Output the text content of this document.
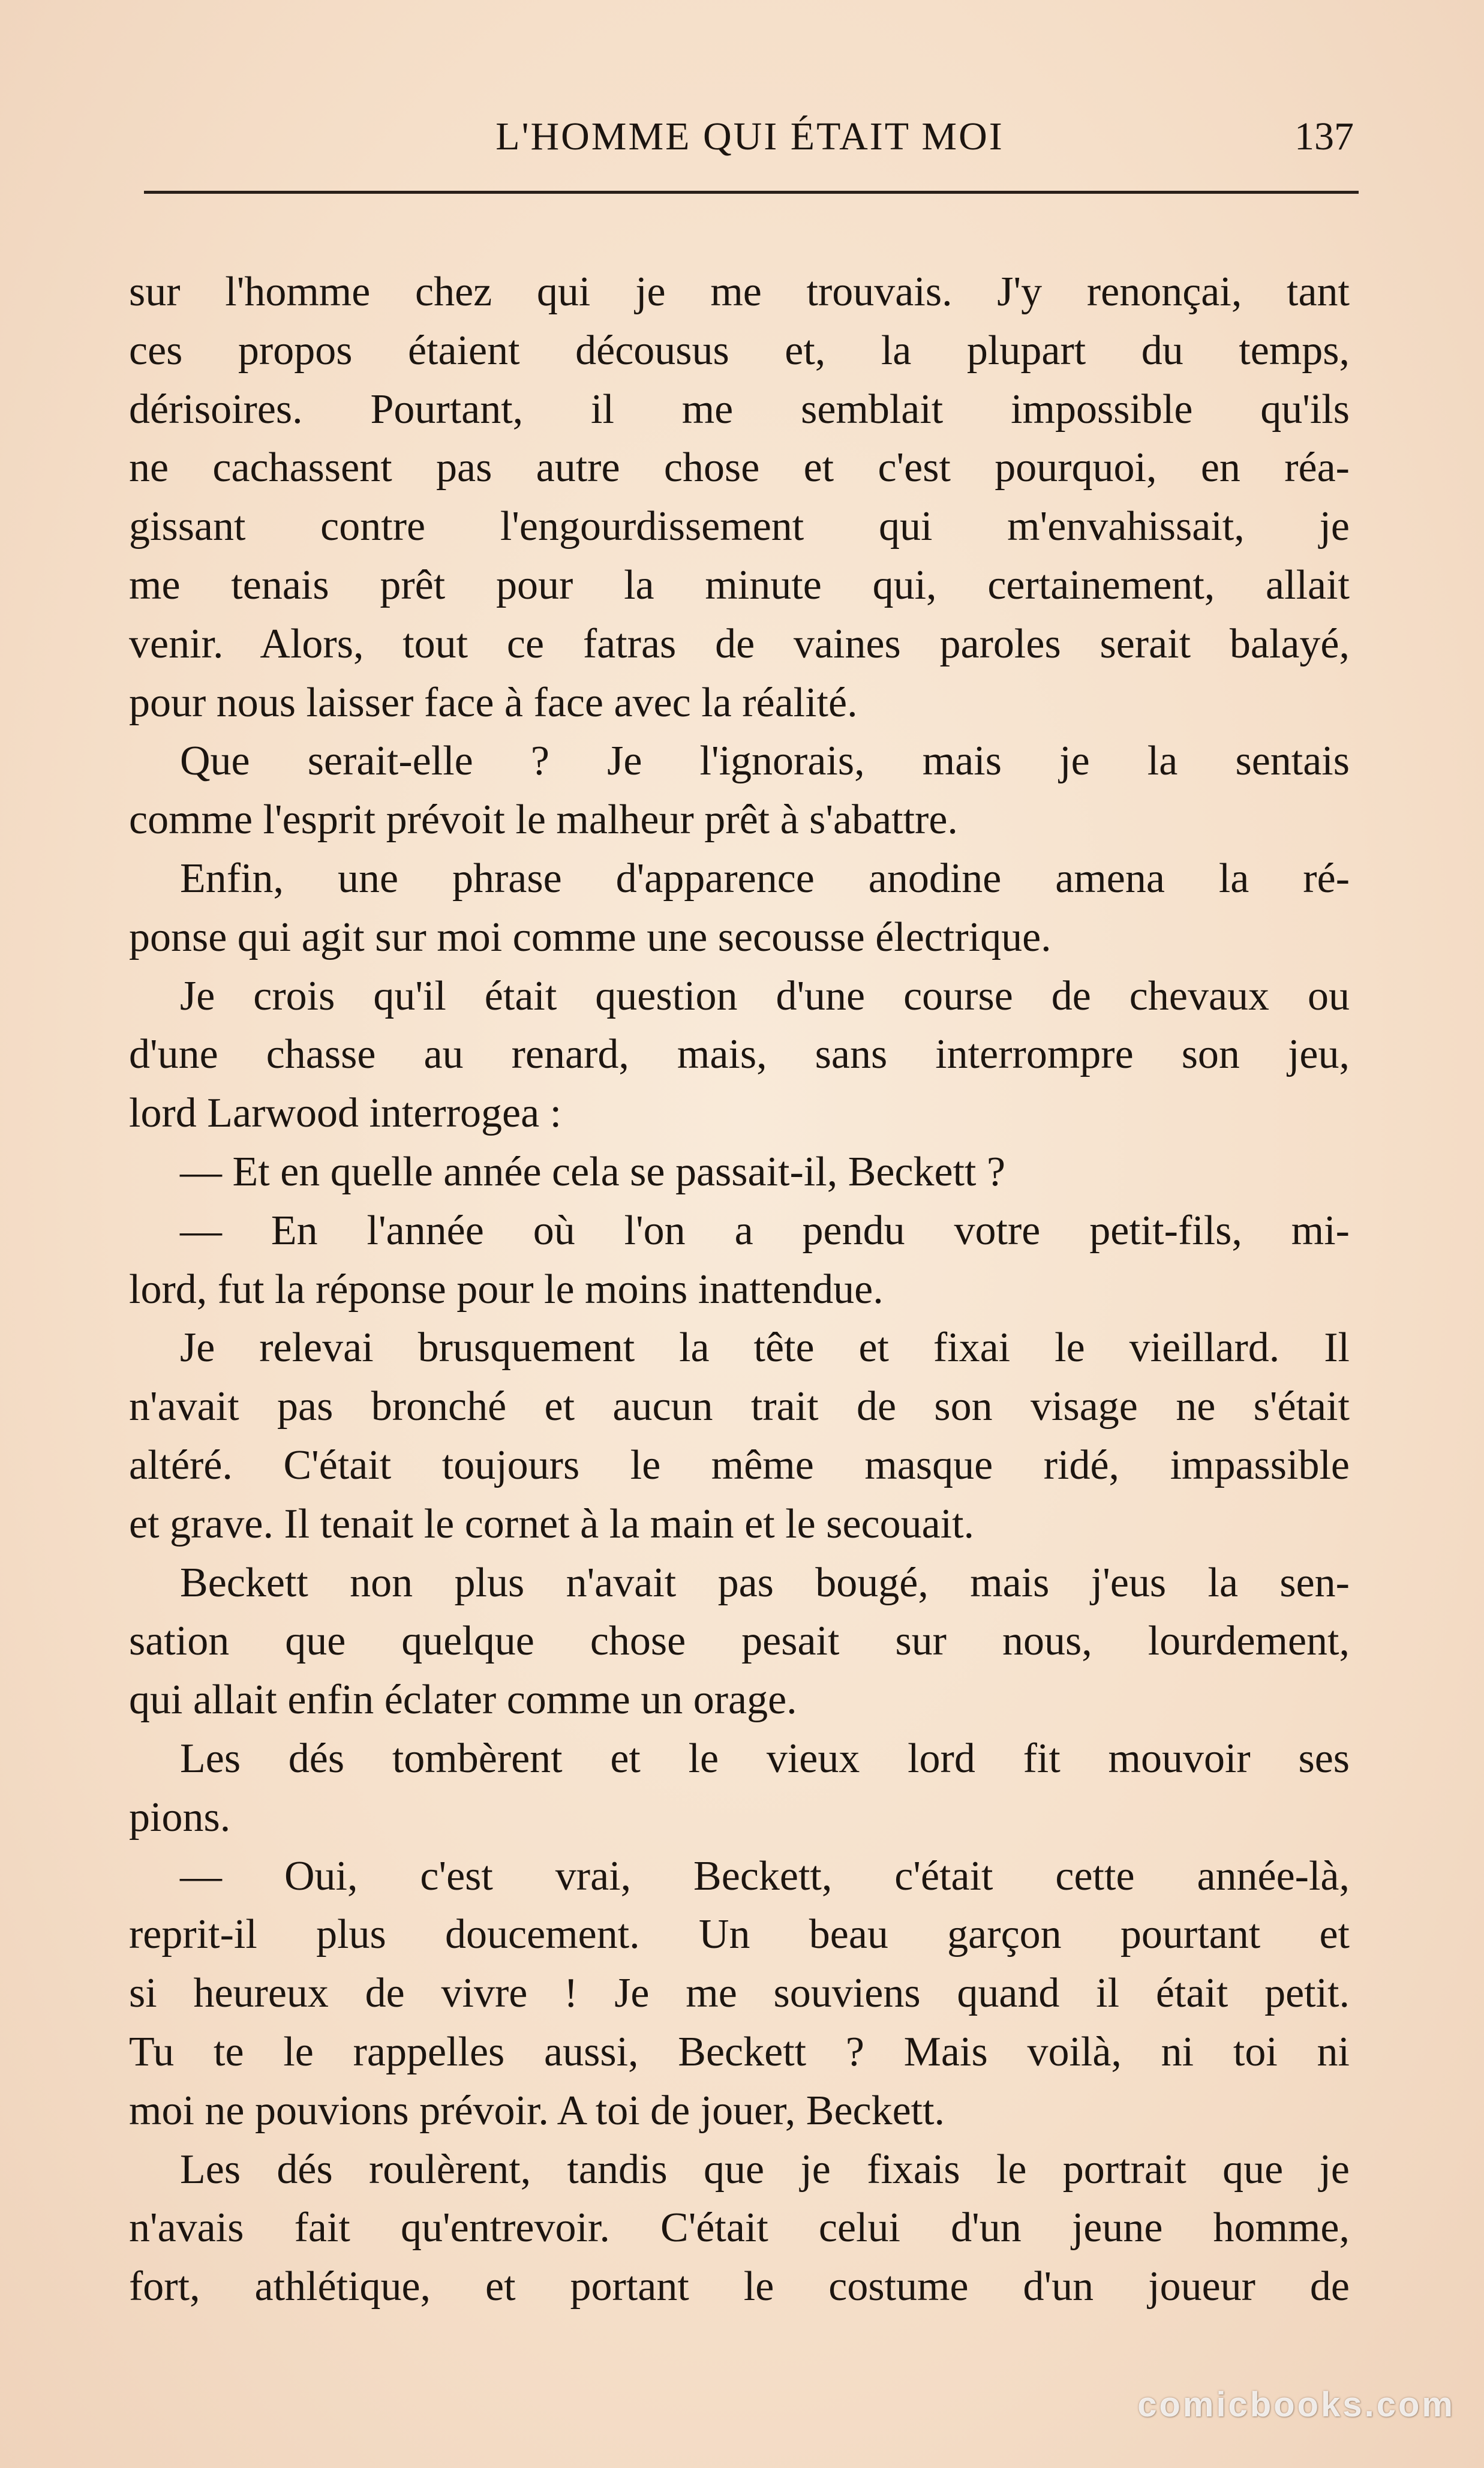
L'HOMME QUI ÉTAIT MOI	137
sur l'homme chez qui je me trouvais. J'y renonçai, tant
ces propos étaient décousus et, la plupart du temps,
dérisoires. Pourtant, il me semblait impossible qu'ils
ne cachassent pas autre chose et c'est pourquoi, en réa-
gissant contre l'engourdissement qui m'envahissait, je
me tenais prêt pour la minute qui, certainement, allait
venir. Alors, tout ce fatras de vaines paroles serait balayé,
pour nous laisser face à face avec la réalité.
Que serait-elle ? Je l'ignorais, mais je la sentais
comme l'esprit prévoit le malheur prêt à s'abattre.
Enfin, une phrase d'apparence anodine amena la ré-
ponse qui agit sur moi comme une secousse électrique.
Je crois qu'il était question d'une course de chevaux ou
d'une chasse au renard, mais, sans interrompre son jeu,
lord Larwood interrogea :
— Et en quelle année cela se passait-il, Beckett ?
— En l'année où l'on a pendu votre petit-fils, mi-
lord, fut la réponse pour le moins inattendue.
Je relevai brusquement la tête et fixai le vieillard. Il
n'avait pas bronché et aucun trait de son visage ne s'était
altéré. C'était toujours le même masque ridé, impassible
et grave. Il tenait le cornet à la main et le secouait.
Beckett non plus n'avait pas bougé, mais j'eus la sen-
sation que quelque chose pesait sur nous, lourdement,
qui allait enfin éclater comme un orage.
Les dés tombèrent et le vieux lord fit mouvoir ses
pions.
— Oui, c'est vrai, Beckett, c'était cette année-là,
reprit-il plus doucement. Un beau garçon pourtant et
si heureux de vivre ! Je me souviens quand il était petit.
Tu te le rappelles aussi, Beckett ? Mais voilà, ni toi ni
moi ne pouvions prévoir. A toi de jouer, Beckett.
Les dés roulèrent, tandis que je fixais le portrait que je
n'avais fait qu'entrevoir. C'était celui d'un jeune homme,
fort, athlétique, et portant le costume d'un joueur de
comicbooks.com
